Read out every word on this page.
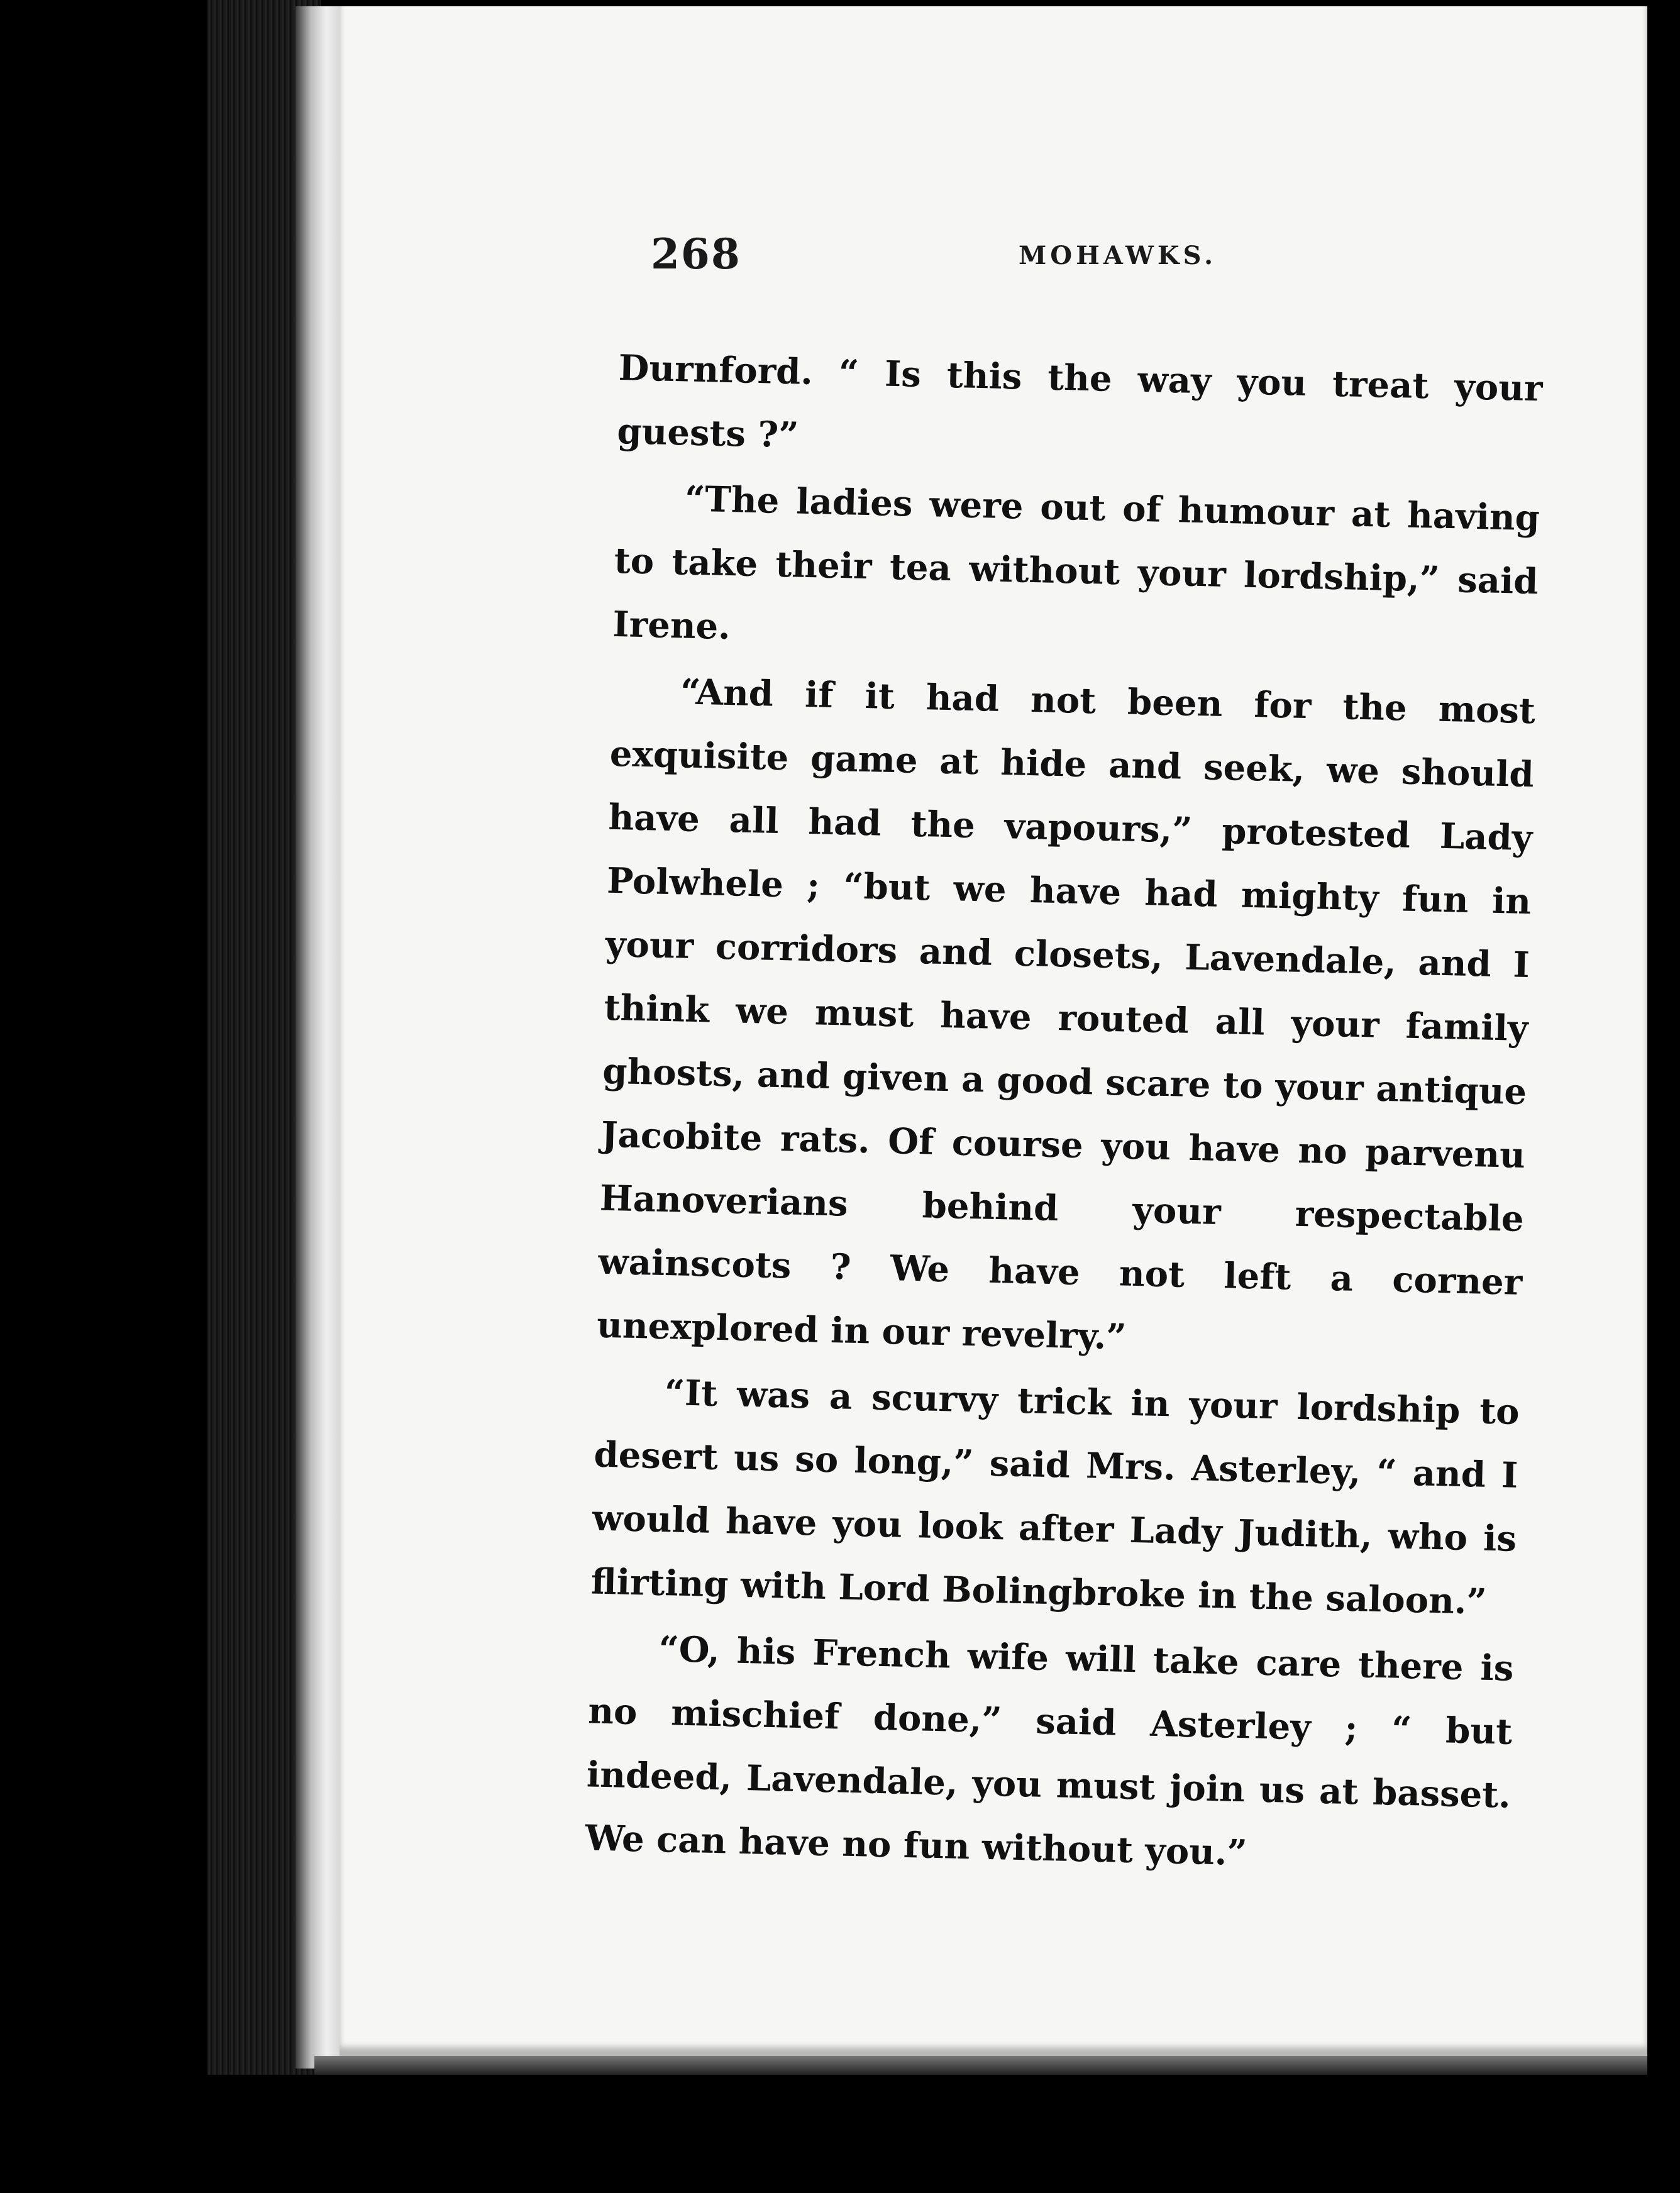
268	MOHAWKS.

Durnford. “ Is this the way you treat your guests ?”

“The ladies were out of humour at having to take their tea without your lordship,” said Irene.

“And if it had not been for the most exquisite game at hide and seek, we should have all had the vapours,” protested Lady Polwhele ; “but we have had mighty fun in your corridors and closets, Lavendale, and I think we must have routed all your family ghosts, and given a good scare to your antique Jacobite rats. Of course you have no parvenu Hanoverians behind your respectable wainscots ? We have not left a corner unexplored in our revelry.”

“It was a scurvy trick in your lordship to desert us so long,” said Mrs. Asterley, “ and I would have you look after Lady Judith, who is flirting with Lord Bolingbroke in the saloon.”

“O, his French wife will take care there is no mischief done,” said Asterley ; “ but indeed, Lavendale, you must join us at basset. We can have no fun without you.”
